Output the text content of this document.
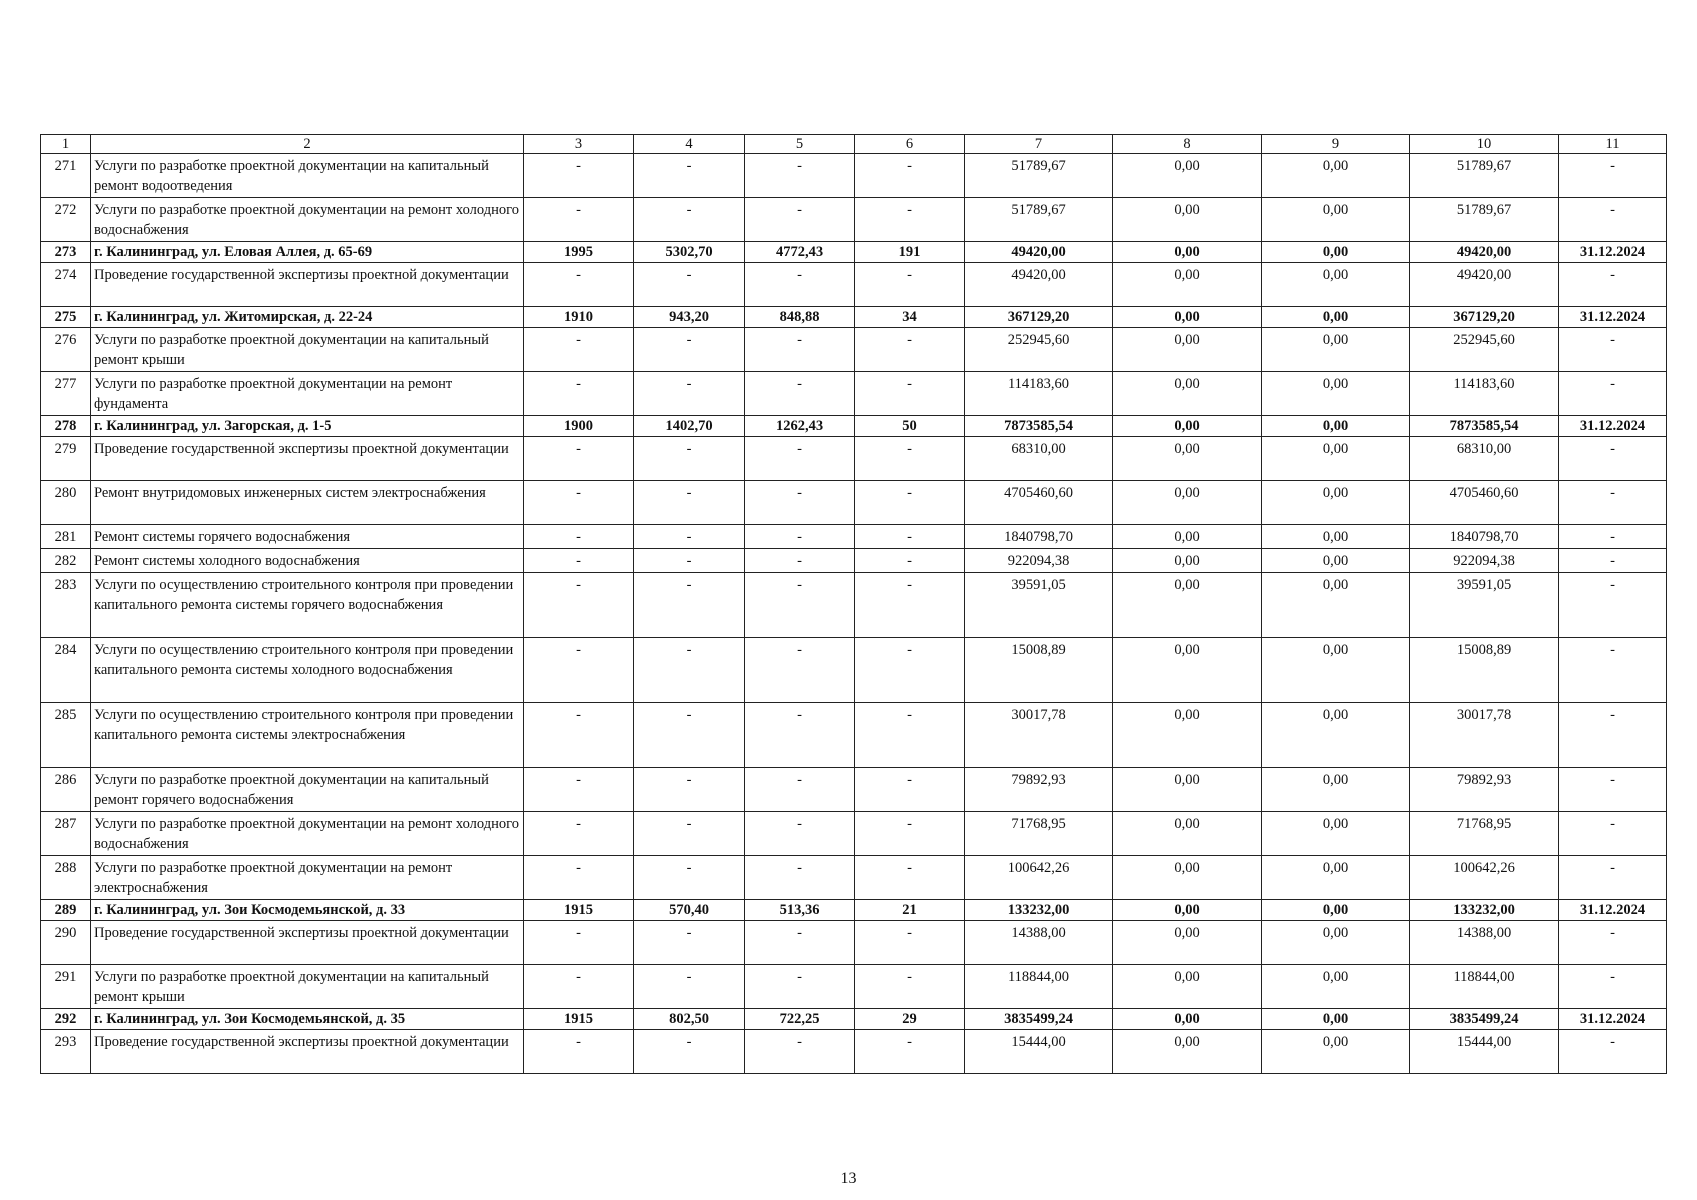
1	2	3	4	5	6	7	8	9	10	11
271	Услуги по разработке проектной документации на капитальный ремонт водоотведения	-	-	-	-	51789,67	0,00	0,00	51789,67	-
272	Услуги по разработке проектной документации на ремонт холодного водоснабжения	-	-	-	-	51789,67	0,00	0,00	51789,67	-
273	г. Калининград, ул. Еловая Аллея, д. 65-69	1995	5302,70	4772,43	191	49420,00	0,00	0,00	49420,00	31.12.2024
274	Проведение государственной экспертизы проектной документации	-	-	-	-	49420,00	0,00	0,00	49420,00	-
275	г. Калининград, ул. Житомирская, д. 22-24	1910	943,20	848,88	34	367129,20	0,00	0,00	367129,20	31.12.2024
276	Услуги по разработке проектной документации на капитальный ремонт крыши	-	-	-	-	252945,60	0,00	0,00	252945,60	-
277	Услуги по разработке проектной документации на ремонт фундамента	-	-	-	-	114183,60	0,00	0,00	114183,60	-
278	г. Калининград, ул. Загорская, д. 1-5	1900	1402,70	1262,43	50	7873585,54	0,00	0,00	7873585,54	31.12.2024
279	Проведение государственной экспертизы проектной документации	-	-	-	-	68310,00	0,00	0,00	68310,00	-
280	Ремонт внутридомовых инженерных систем электроснабжения	-	-	-	-	4705460,60	0,00	0,00	4705460,60	-
281	Ремонт системы горячего водоснабжения	-	-	-	-	1840798,70	0,00	0,00	1840798,70	-
282	Ремонт системы холодного водоснабжения	-	-	-	-	922094,38	0,00	0,00	922094,38	-
283	Услуги по осуществлению строительного контроля при проведении капитального ремонта системы горячего водоснабжения	-	-	-	-	39591,05	0,00	0,00	39591,05	-
284	Услуги по осуществлению строительного контроля при проведении капитального ремонта системы холодного водоснабжения	-	-	-	-	15008,89	0,00	0,00	15008,89	-
285	Услуги по осуществлению строительного контроля при проведении капитального ремонта системы электроснабжения	-	-	-	-	30017,78	0,00	0,00	30017,78	-
286	Услуги по разработке проектной документации на капитальный ремонт горячего водоснабжения	-	-	-	-	79892,93	0,00	0,00	79892,93	-
287	Услуги по разработке проектной документации на ремонт холодного водоснабжения	-	-	-	-	71768,95	0,00	0,00	71768,95	-
288	Услуги по разработке проектной документации на ремонт электроснабжения	-	-	-	-	100642,26	0,00	0,00	100642,26	-
289	г. Калининград, ул. Зои Космодемьянской, д. 33	1915	570,40	513,36	21	133232,00	0,00	0,00	133232,00	31.12.2024
290	Проведение государственной экспертизы проектной документации	-	-	-	-	14388,00	0,00	0,00	14388,00	-
291	Услуги по разработке проектной документации на капитальный ремонт крыши	-	-	-	-	118844,00	0,00	0,00	118844,00	-
292	г. Калининград, ул. Зои Космодемьянской, д. 35	1915	802,50	722,25	29	3835499,24	0,00	0,00	3835499,24	31.12.2024
293	Проведение государственной экспертизы проектной документации	-	-	-	-	15444,00	0,00	0,00	15444,00	-
13
